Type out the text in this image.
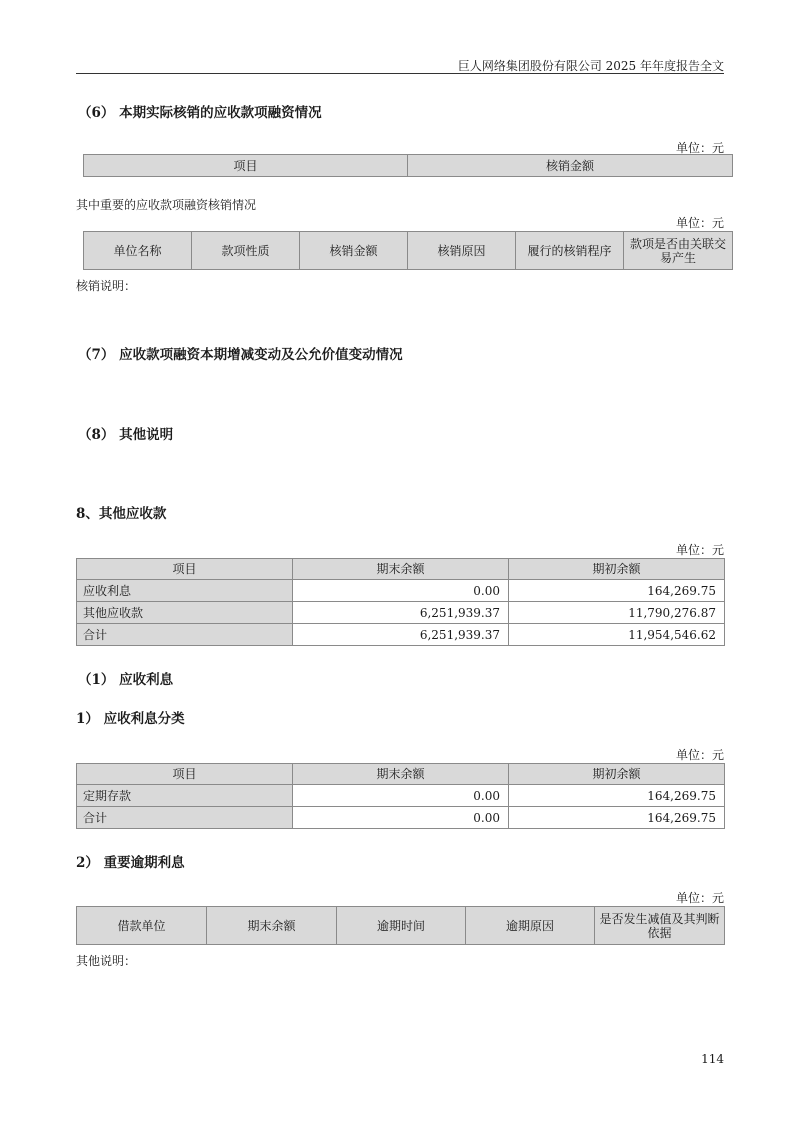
巨人网络集团股份有限公司 2025 年年度报告全文
（6） 本期实际核销的应收款项融资情况
单位：元
项目	核销金额
其中重要的应收款项融资核销情况
单位：元
单位名称	款项性质	核销金额	核销原因	履行的核销程序	款项是否由关联交易产生
核销说明：
（7） 应收款项融资本期增减变动及公允价值变动情况
（8） 其他说明
8、其他应收款
单位：元
项目	期末余额	期初余额
应收利息	0.00	164,269.75
其他应收款	6,251,939.37	11,790,276.87
合计	6,251,939.37	11,954,546.62
（1） 应收利息
1） 应收利息分类
单位：元
项目	期末余额	期初余额
定期存款	0.00	164,269.75
合计	0.00	164,269.75
2） 重要逾期利息
单位：元
借款单位	期末余额	逾期时间	逾期原因	是否发生减值及其判断依据
其他说明：
114
